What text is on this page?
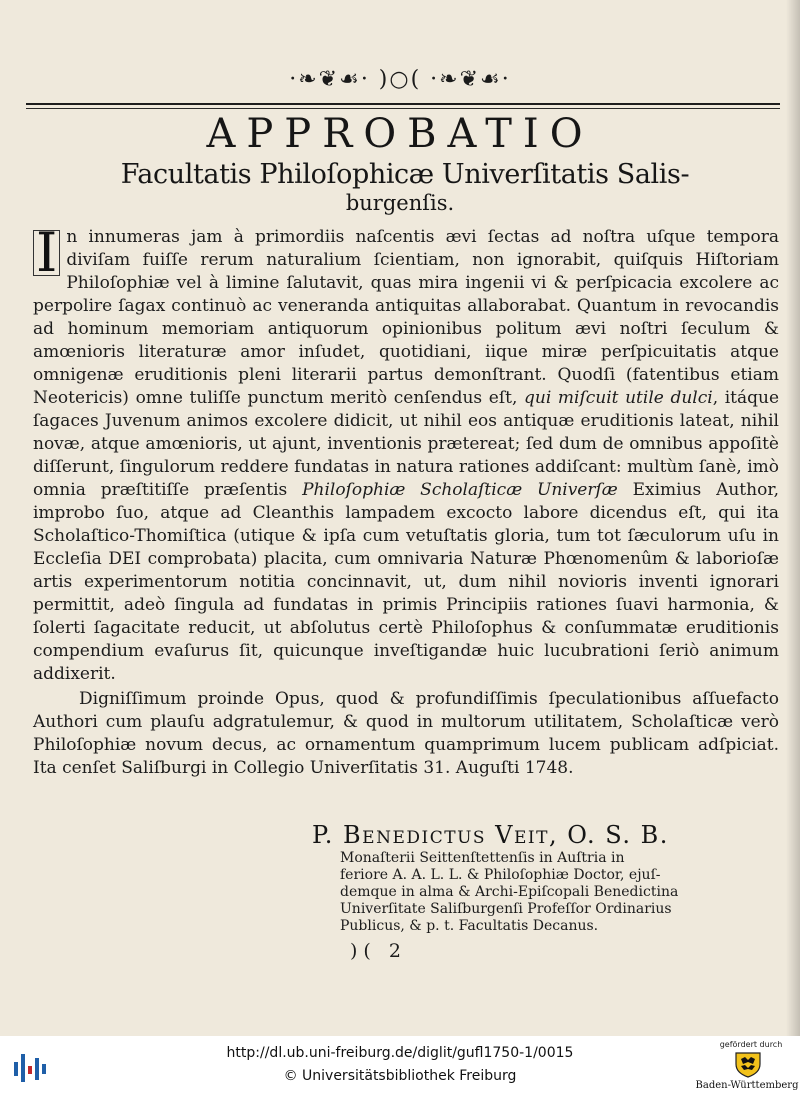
·❧❦☙· )○( ·❧❦☙·
APPROBATIO
Facultatis Philoſophicæ Univerſitatis Salis-
burgenſis.
I n innumeras jam à primordiis naſcentis ævi ſectas ad noſtra uſque tempora diviſam fuiſſe rerum naturalium ſcientiam, non ignorabit, quiſquis Hiſtoriam Philoſophiæ vel à limine ſalutavit, quas mira ingenii vi & perſpicacia excolere ac perpolire ſagax continuò ac veneranda antiquitas allaborabat. Quantum in revocandis ad hominum memoriam antiquorum opinionibus politum ævi noſtri ſeculum & amœnioris literaturæ amor inſudet, quotidiani, iique miræ perſpicuitatis atque omnigenæ eruditionis pleni literarii partus demonſtrant. Quodſi (fatentibus etiam Neotericis) omne tuliſſe punctum meritò cenſendus eſt, qui miſcuit utile dulci, itáque ſagaces Juvenum animos excolere didicit, ut nihil eos antiquæ eruditionis lateat, nihil novæ, atque amœnioris, ut ajunt, inventionis prætereat; ſed dum de omnibus appoſitè diſſerunt, ſingulorum reddere fundatas in natura rationes addiſcant: multùm ſanè, imò omnia præſtitiſſe præſentis Philoſophiæ Scholaſticæ Univerſæ Eximius Author, improbo ſuo, atque ad Cleanthis lampadem excocto labore dicendus eſt, qui ita Scholaſtico-Thomiſtica (utique & ipſa cum vetuſtatis gloria, tum tot ſæculorum uſu in Eccleſia DEI comprobata) placita, cum omnivaria Naturæ Phœnomenûm & laborioſæ artis experimentorum notitia concinnavit, ut, dum nihil novioris inventi ignorari permittit, adeò ſingula ad fundatas in primis Principiis rationes ſuavi harmonia, & ſolerti ſagacitate reducit, ut abſolutus certè Philoſophus & conſummatæ eruditionis compendium evaſurus ſit, quicunque inveſtigandæ huic lucubrationi ſeriò animum addixerit.
Digniſſimum proinde Opus, quod & profundiſſimis ſpeculationibus aſſuefacto Authori cum plauſu adgratulemur, & quod in multorum utilitatem, Scholaſticæ verò Philoſophiæ novum decus, ac ornamentum quamprimum lucem publicam adſpiciat. Ita cenſet Saliſburgi in Collegio Univerſitatis 31. Auguſti 1748.
P. Benedictus Veit, O. S. B.
Monaſterii Seittenſtettenſis in Auſtria in
feriore A. A. L. L. & Philoſophiæ Doctor, ejuſ-
demque in alma & Archi-Epiſcopali Benedictina
Univerſitate Saliſburgenſi Profeſſor Ordinarius
Publicus, & p. t. Facultatis Decanus.
)( 2
http://dl.ub.uni-freiburg.de/diglit/gufl1750-1/0015
© Universitätsbibliothek Freiburg
gefördert durch
Baden-Württemberg
